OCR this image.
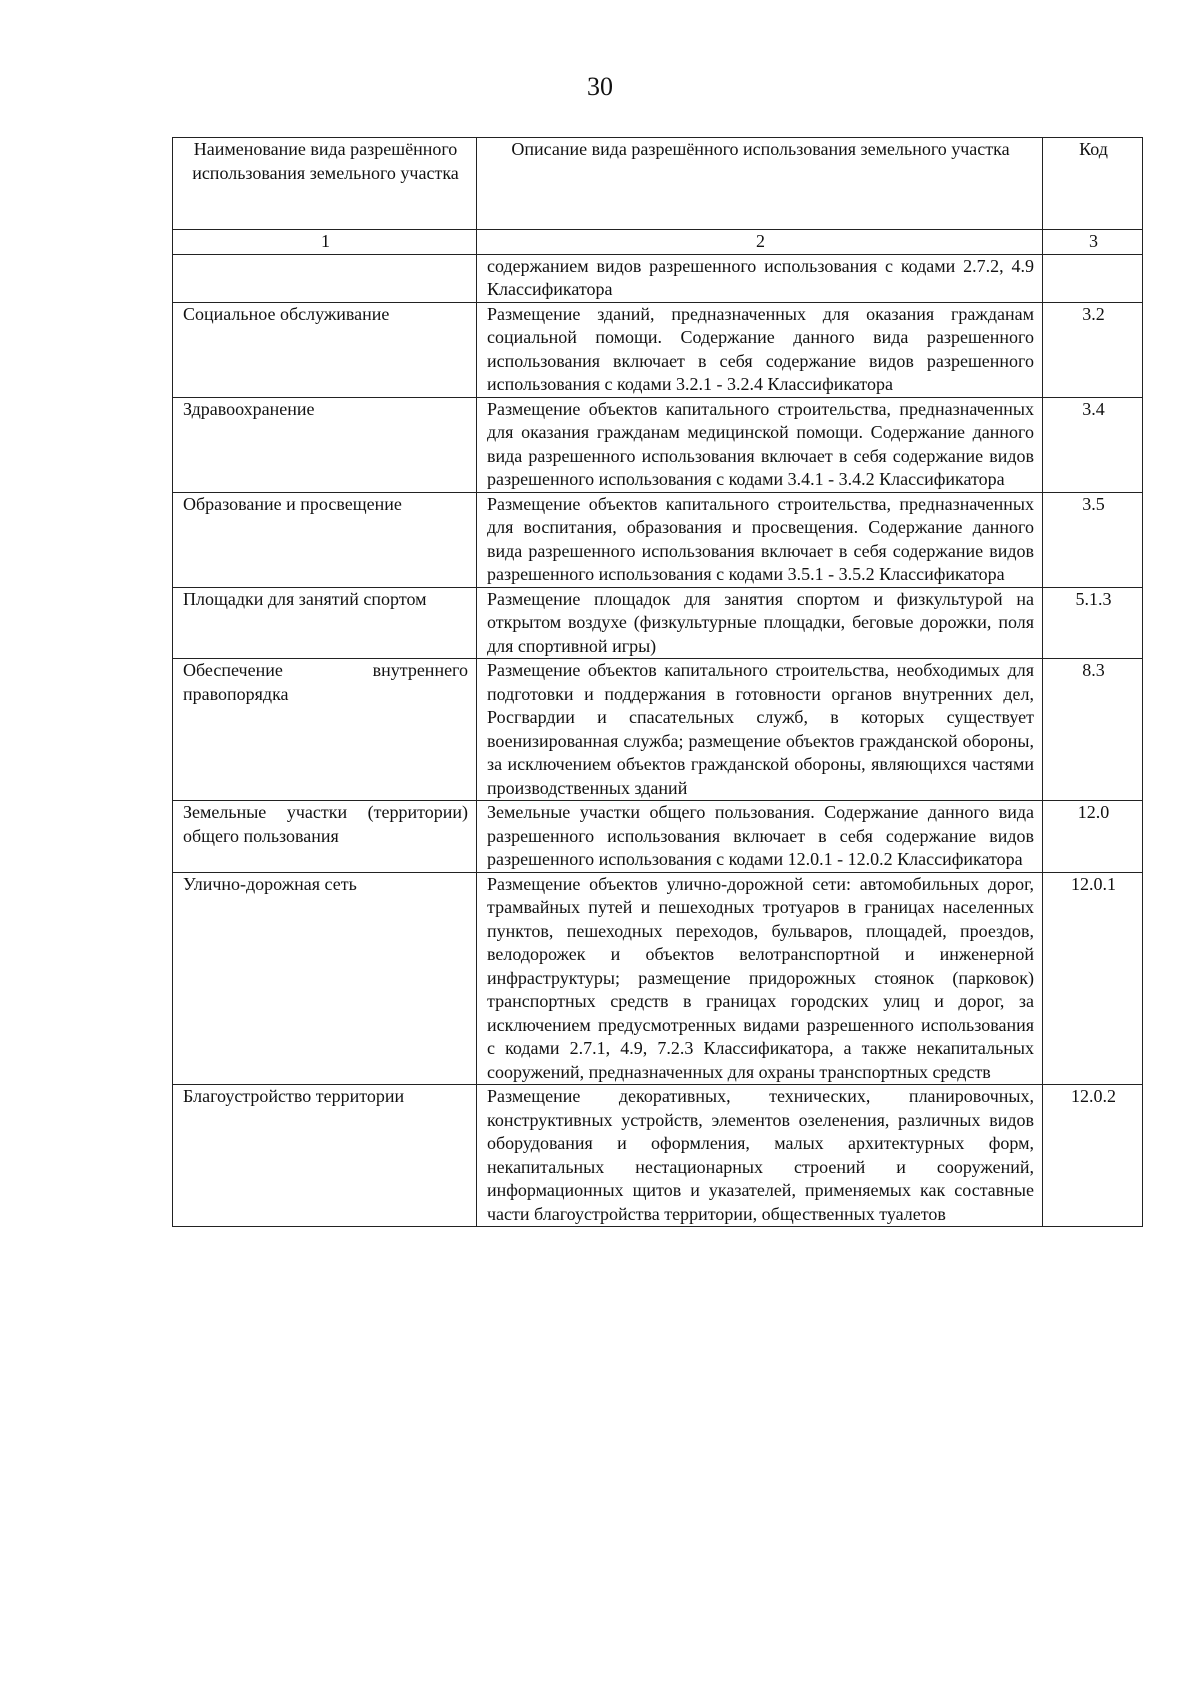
30
Наименование вида разрешённого использования земельного участка	Описание вида разрешённого использования земельного участка	Код
1	2	3
	содержанием видов разрешенного использования с кодами 2.7.2, 4.9 Классификатора	
Социальное обслуживание	Размещение зданий, предназначенных для оказания гражданам социальной помощи. Содержание данного вида разрешенного использования включает в себя содержание видов разрешенного использования с кодами 3.2.1 - 3.2.4 Классификатора	3.2
Здравоохранение	Размещение объектов капитального строительства, предназначенных для оказания гражданам медицинской помощи. Содержание данного вида разрешенного использования включает в себя содержание видов разрешенного использования с кодами 3.4.1 - 3.4.2 Классификатора	3.4
Образование и просвещение	Размещение объектов капитального строительства, предназначенных для воспитания, образования и просвещения. Содержание данного вида разрешенного использования включает в себя содержание видов разрешенного использования с кодами 3.5.1 - 3.5.2 Классификатора	3.5
Площадки для занятий спортом	Размещение площадок для занятия спортом и физкультурой на открытом воздухе (физкультурные площадки, беговые дорожки, поля для спортивной игры)	5.1.3
Обеспечение внутреннего правопорядка	Размещение объектов капитального строительства, необходимых для подготовки и поддержания в готовности органов внутренних дел, Росгвардии и спасательных служб, в которых существует военизированная служба; размещение объектов гражданской обороны, за исключением объектов гражданской обороны, являющихся частями производственных зданий	8.3
Земельные участки (территории) общего пользования	Земельные участки общего пользования. Содержание данного вида разрешенного использования включает в себя содержание видов разрешенного использования с кодами 12.0.1 - 12.0.2 Классификатора	12.0
Улично-дорожная сеть	Размещение объектов улично-дорожной сети: автомобильных дорог, трамвайных путей и пешеходных тротуаров в границах населенных пунктов, пешеходных переходов, бульваров, площадей, проездов, велодорожек и объектов велотранспортной и инженерной инфраструктуры; размещение придорожных стоянок (парковок) транспортных средств в границах городских улиц и дорог, за исключением предусмотренных видами разрешенного использования с кодами 2.7.1, 4.9, 7.2.3 Классификатора, а также некапитальных сооружений, предназначенных для охраны транспортных средств	12.0.1
Благоустройство территории	Размещение декоративных, технических, планировочных, конструктивных устройств, элементов озеленения, различных видов оборудования и оформления, малых архитектурных форм, некапитальных нестационарных строений и сооружений, информационных щитов и указателей, применяемых как составные части благоустройства территории, общественных туалетов	12.0.2
